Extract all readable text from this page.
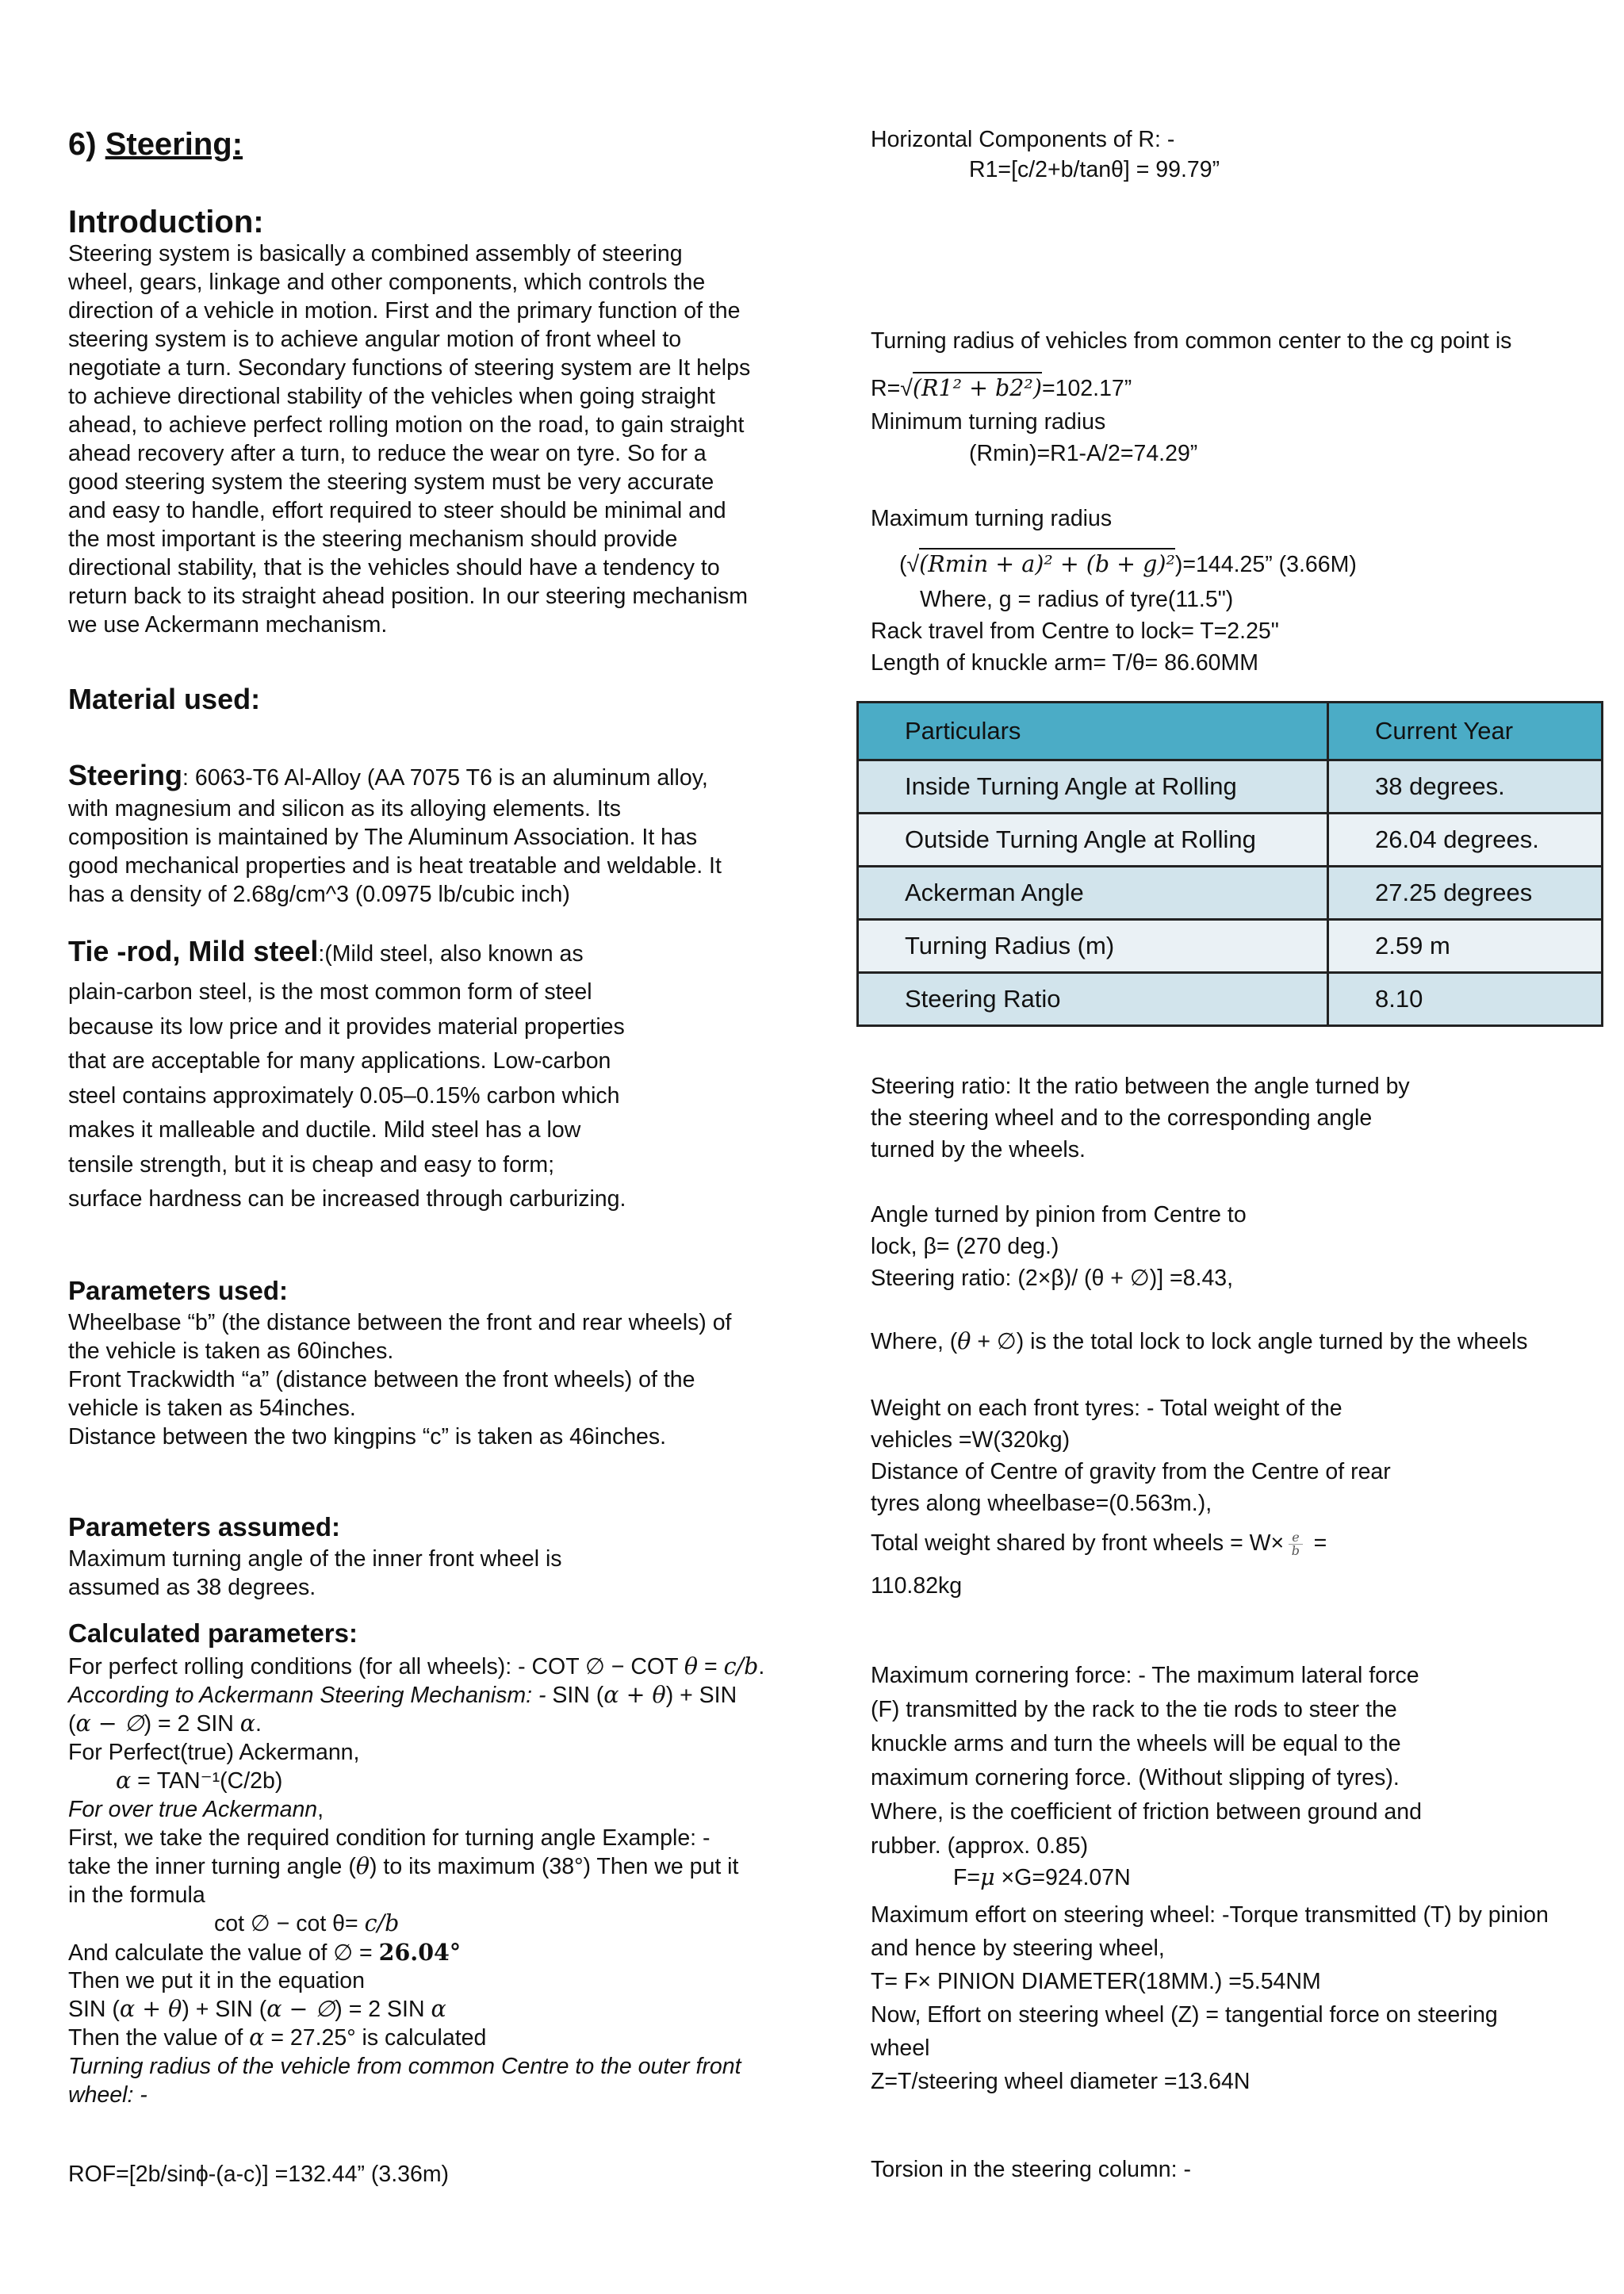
6) Steering:
Introduction:
Steering system is basically a combined assembly of steering
wheel, gears, linkage and other components, which controls the
direction of a vehicle in motion. First and the primary function of the
steering system is to achieve angular motion of front wheel to
negotiate a turn. Secondary functions of steering system are It helps
to achieve directional stability of the vehicles when going straight
ahead, to achieve perfect rolling motion on the road, to gain straight
ahead recovery after a turn, to reduce the wear on tyre. So for a
good steering system the steering system must be very accurate
and easy to handle, effort required to steer should be minimal and
the most important is the steering mechanism should provide
directional stability, that is the vehicles should have a tendency to
return back to its straight ahead position. In our steering mechanism
we use Ackermann mechanism.
Material used:
Steering: 6063-T6 Al-Alloy (AA 7075 T6 is an aluminum alloy,
with magnesium and silicon as its alloying elements. Its
composition is maintained by The Aluminum Association. It has
good mechanical properties and is heat treatable and weldable. It
has a density of 2.68g/cm^3 (0.0975 lb/cubic inch)
Tie -rod, Mild steel:(Mild steel, also known as
plain-carbon steel, is the most common form of steel
because its low price and it provides material properties
that are acceptable for many applications. Low-carbon
steel contains approximately 0.05–0.15% carbon which
makes it malleable and ductile. Mild steel has a low
tensile strength, but it is cheap and easy to form;
surface hardness can be increased through carburizing.
Parameters used:
Wheelbase “b” (the distance between the front and rear wheels) of
the vehicle is taken as 60inches.
Front Trackwidth “a” (distance between the front wheels) of the
vehicle is taken as 54inches.
Distance between the two kingpins “c” is taken as 46inches.
Parameters assumed:
Maximum turning angle of the inner front wheel is
assumed as 38 degrees.
Calculated parameters:
For perfect rolling conditions (for all wheels): - COT ∅ − COT θ = c/b.
According to Ackermann Steering Mechanism: - SIN (α + θ) + SIN
(α − ∅) = 2 SIN α.
For Perfect(true) Ackermann,
α = TAN⁻¹(C/2b)
For over true Ackermann,
First, we take the required condition for turning angle Example: -
take the inner turning angle (θ) to its maximum (38°) Then we put it
in the formula
cot ∅ − cot θ= c/b
And calculate the value of ∅ = 26.04°
Then we put it in the equation
SIN (α + θ) + SIN (α − ∅) = 2 SIN α
Then the value of α = 27.25° is calculated
Turning radius of the vehicle from common Centre to the outer front
wheel: -
ROF=[2b/sinϕ-(a-c)] =132.44” (3.36m)
Horizontal Components of R: -
R1=[c/2+b/tanθ] = 99.79”
Turning radius of vehicles from common center to the cg point is
R=√(R1² + b2²)=102.17”
Minimum turning radius
(Rmin)=R1-A/2=74.29”
Maximum turning radius
(√(Rmin + a)² + (b + g)²)=144.25” (3.66M)
Where, g = radius of tyre(11.5")
Rack travel from Centre to lock= T=2.25"
Length of knuckle arm= T/θ= 86.60MM
Steering ratio: It the ratio between the angle turned by
the steering wheel and to the corresponding angle
turned by the wheels.
Angle turned by pinion from Centre to
lock, β= (270 deg.)
Steering ratio: (2×β)/ (θ + ∅)] =8.43,
Where, (θ + ∅) is the total lock to lock angle turned by the wheels
Weight on each front tyres: - Total weight of the
vehicles =W(320kg)
Distance of Centre of gravity from the Centre of rear
tyres along wheelbase=(0.563m.),
Total weight shared by front wheels = $W\times \frac{e}{b}$ =
110.82kg
Maximum cornering force: - The maximum lateral force
(F) transmitted by the rack to the tie rods to steer the
knuckle arms and turn the wheels will be equal to the
maximum cornering force. (Without slipping of tyres).
Where, is the coefficient of friction between ground and
rubber. (approx. 0.85)
F=μ ×G=924.07N
Maximum effort on steering wheel: -Torque transmitted (T) by pinion
and hence by steering wheel,
T= F× PINION DIAMETER(18MM.) =5.54NM
Now, Effort on steering wheel (Z) = tangential force on steering
wheel
Z=T/steering wheel diameter =13.64N
Torsion in the steering column: -
Particulars	Current Year
Inside Turning Angle at Rolling	38 degrees.
Outside Turning Angle at Rolling	26.04 degrees.
Ackerman Angle	27.25 degrees
Turning Radius (m)	2.59 m
Steering Ratio	8.10
